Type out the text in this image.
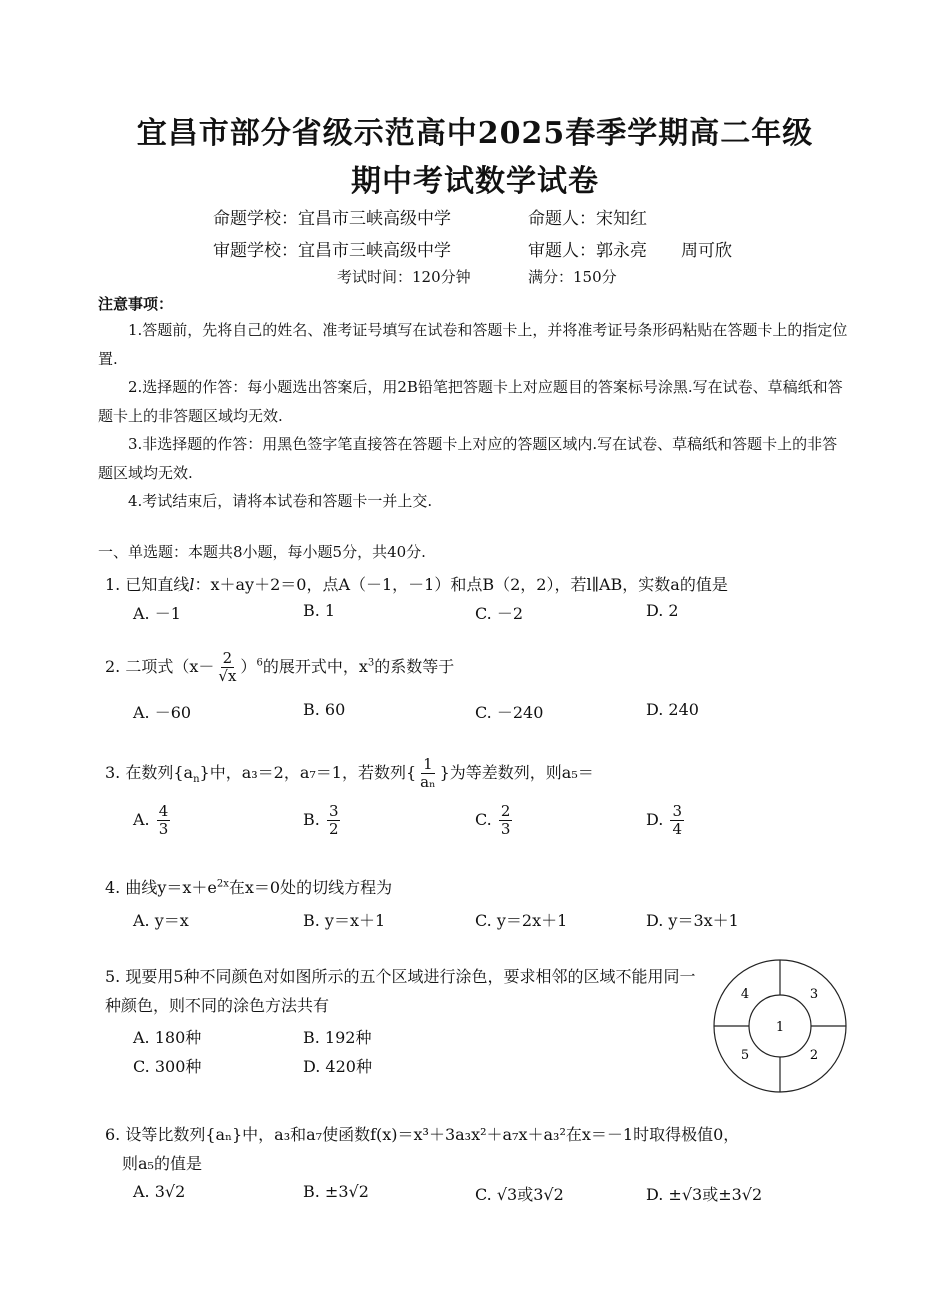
宜昌市部分省级示范高中2025春季学期高二年级
期中考试数学试卷
命题学校：宜昌市三峡高级中学	命题人：宋知红
审题学校：宜昌市三峡高级中学	审题人：郭永亮　　周可欣
考试时间：120分钟	满分：150分
注意事项：
1.答题前，先将自己的姓名、准考证号填写在试卷和答题卡上，并将准考证号条形码粘贴在答题卡上的指定位置.
2.选择题的作答：每小题选出答案后，用2B铅笔把答题卡上对应题目的答案标号涂黑.写在试卷、草稿纸和答题卡上的非答题区域均无效.
3.非选择题的作答：用黑色签字笔直接答在答题卡上对应的答题区域内.写在试卷、草稿纸和答题卡上的非答题区域均无效.
4.考试结束后，请将本试卷和答题卡一并上交.
一、单选题：本题共8小题，每小题5分，共40分.
1. 已知直线l：x＋ay＋2＝0，点A（－1，－1）和点B（2，2），若l∥AB，实数a的值是
A. －1	B. 1	C. －2	D. 2
2. 二项式$(x- \frac{2}{√x} )^6$的展开式中，$x^3$的系数等于
A. －60	B. 60	C. －240	D. 240
3. 在数列$\{a_n\}$中，a₃＝2，a₇＝1，若数列{ $\frac{1}{\text{aₙ}}$ }为等差数列，则a₅＝
A. $\frac{4}{3}$	B. $\frac{3}{2}$	C. $\frac{2}{3}$	D. $\frac{3}{4}$
4. 曲线$y=x+e^{2x}$在x＝0处的切线方程为
A. y＝x	B. y＝x＋1	C. y＝2x＋1	D. y＝3x＋1
5. 现要用5种不同颜色对如图所示的五个区域进行涂色，要求相邻的区域不能用同一种颜色，则不同的涂色方法共有
A. 180种	B. 192种
C. 300种	D. 420种
1
2
3
4
5
6. 设等比数列{aₙ}中，a₃和a₇使函数f(x)＝x³＋3a₃x²＋a₇x＋a₃²在x＝－1时取得极值0，
则a₅的值是
A. 3√2	B. ±3√2	C. √3或3√2	D. ±√3或±3√2
